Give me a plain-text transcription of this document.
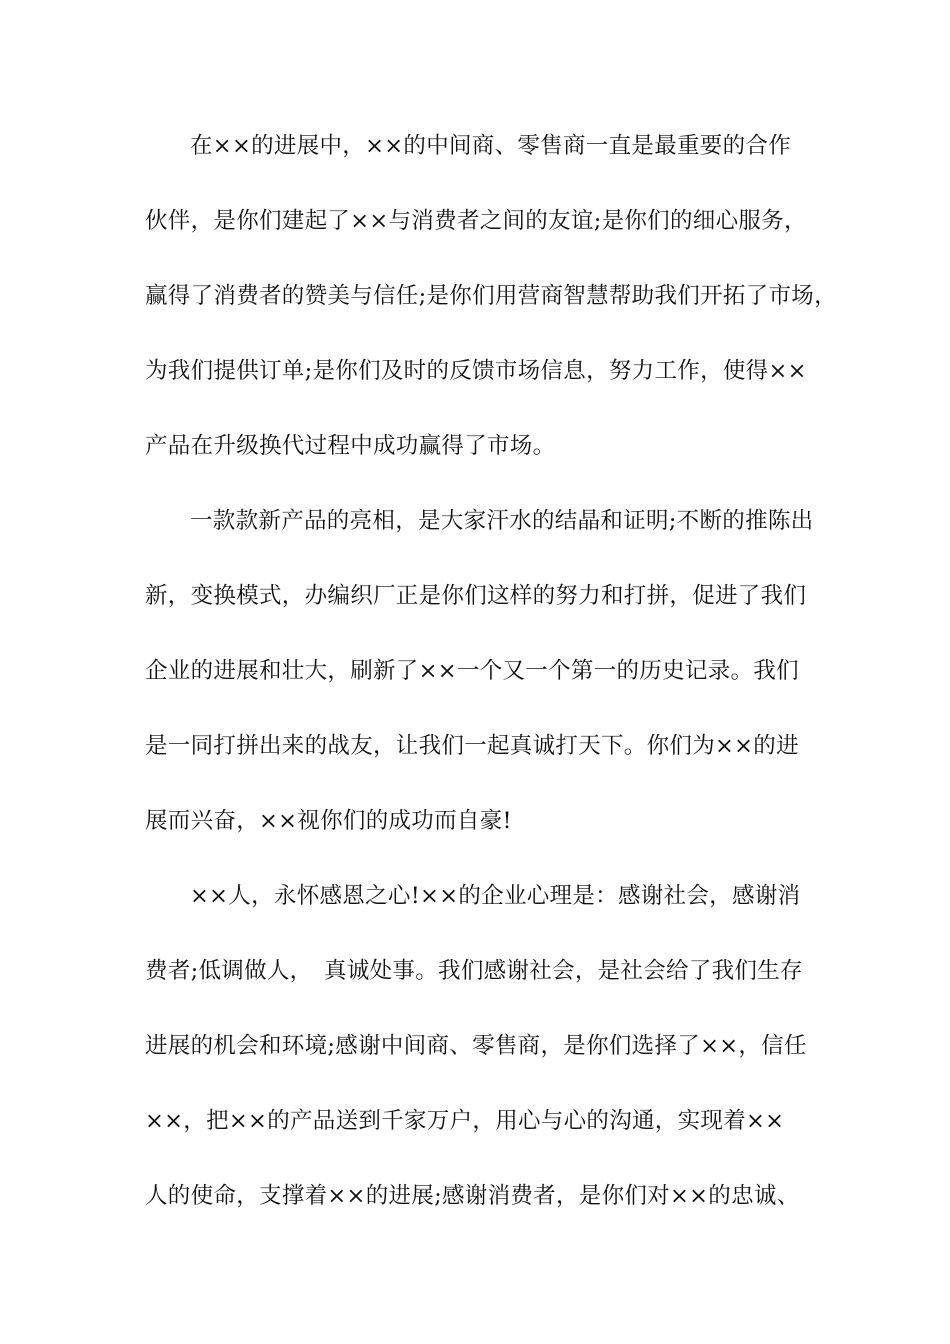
在××的进展中，××的中间商、零售商一直是最重要的合作
伙伴，是你们建起了××与消费者之间的友谊;是你们的细心服务，
赢得了消费者的赞美与信任;是你们用营商智慧帮助我们开拓了市场，
为我们提供订单;是你们及时的反馈市场信息，努力工作，使得××
产品在升级换代过程中成功赢得了市场。
一款款新产品的亮相，是大家汗水的结晶和证明;不断的推陈出
新，变换模式，办编织厂正是你们这样的努力和打拼，促进了我们
企业的进展和壮大，刷新了××一个又一个第一的历史记录。我们
是一同打拼出来的战友，让我们一起真诚打天下。你们为××的进
展而兴奋，××视你们的成功而自豪!
××人，永怀感恩之心!××的企业心理是：感谢社会，感谢消
费者;低调做人，　真诚处事。我们感谢社会，是社会给了我们生存
进展的机会和环境;感谢中间商、零售商，是你们选择了××，信任
××，把××的产品送到千家万户，用心与心的沟通，实现着××
人的使命，支撑着××的进展;感谢消费者，是你们对××的忠诚、
